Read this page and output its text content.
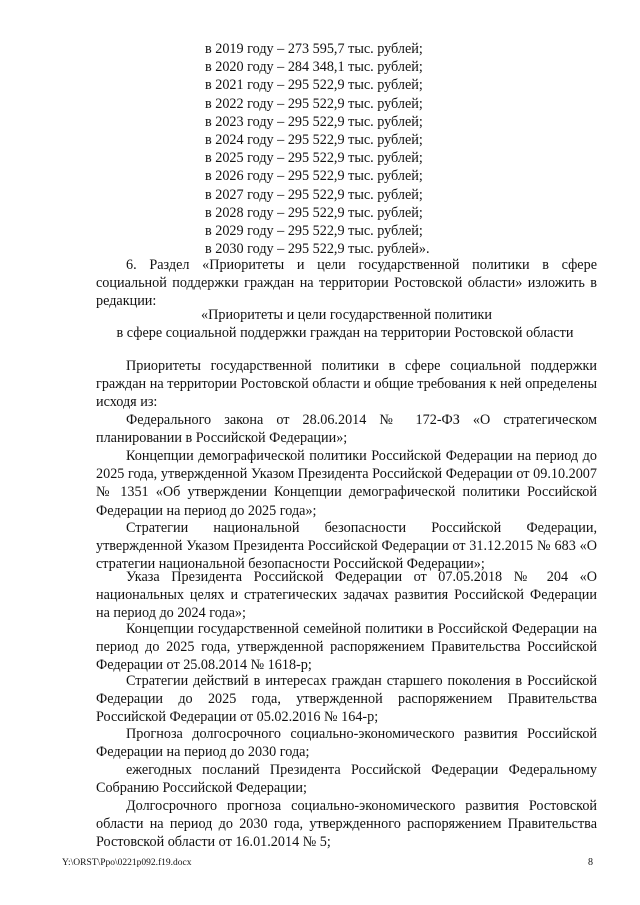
в 2019 году – 273 595,7 тыс. рублей;
в 2020 году – 284 348,1 тыс. рублей;
в 2021 году – 295 522,9 тыс. рублей;
в 2022 году – 295 522,9 тыс. рублей;
в 2023 году – 295 522,9 тыс. рублей;
в 2024 году – 295 522,9 тыс. рублей;
в 2025 году – 295 522,9 тыс. рублей;
в 2026 году – 295 522,9 тыс. рублей;
в 2027 году – 295 522,9 тыс. рублей;
в 2028 году – 295 522,9 тыс. рублей;
в 2029 году – 295 522,9 тыс. рублей;
в 2030 году – 295 522,9 тыс. рублей».
6. Раздел «Приоритеты и цели государственной политики в сфере социальной поддержки граждан на территории Ростовской области» изложить в редакции:
«Приоритеты и цели государственной политики
в сфере социальной поддержки граждан на территории Ростовской области
Приоритеты государственной политики в сфере социальной поддержки граждан на территории Ростовской области и общие требования к ней определены исходя из:
Федерального закона от 28.06.2014 № 172-ФЗ «О стратегическом планировании в Российской Федерации»;
Концепции демографической политики Российской Федерации на период до 2025 года, утвержденной Указом Президента Российской Федерации от 09.10.2007 № 1351 «Об утверждении Концепции демографической политики Российской Федерации на период до 2025 года»;
Стратегии национальной безопасности Российской Федерации, утвержденной Указом Президента Российской Федерации от 31.12.2015 № 683 «О стратегии национальной безопасности Российской Федерации»;
Указа Президента Российской Федерации от 07.05.2018 № 204 «О национальных целях и стратегических задачах развития Российской Федерации на период до 2024 года»;
Концепции государственной семейной политики в Российской Федерации на период до 2025 года, утвержденной распоряжением Правительства Российской Федерации от 25.08.2014 № 1618-р;
Стратегии действий в интересах граждан старшего поколения в Российской Федерации до 2025 года, утвержденной распоряжением Правительства Российской Федерации от 05.02.2016 № 164-р;
Прогноза долгосрочного социально-экономического развития Российской Федерации на период до 2030 года;
ежегодных посланий Президента Российской Федерации Федеральному Собранию Российской Федерации;
Долгосрочного прогноза социально-экономического развития Ростовской области на период до 2030 года, утвержденного распоряжением Правительства Ростовской области от 16.01.2014 № 5;
Y:\ORST\Ppo\0221p092.f19.docx	8
